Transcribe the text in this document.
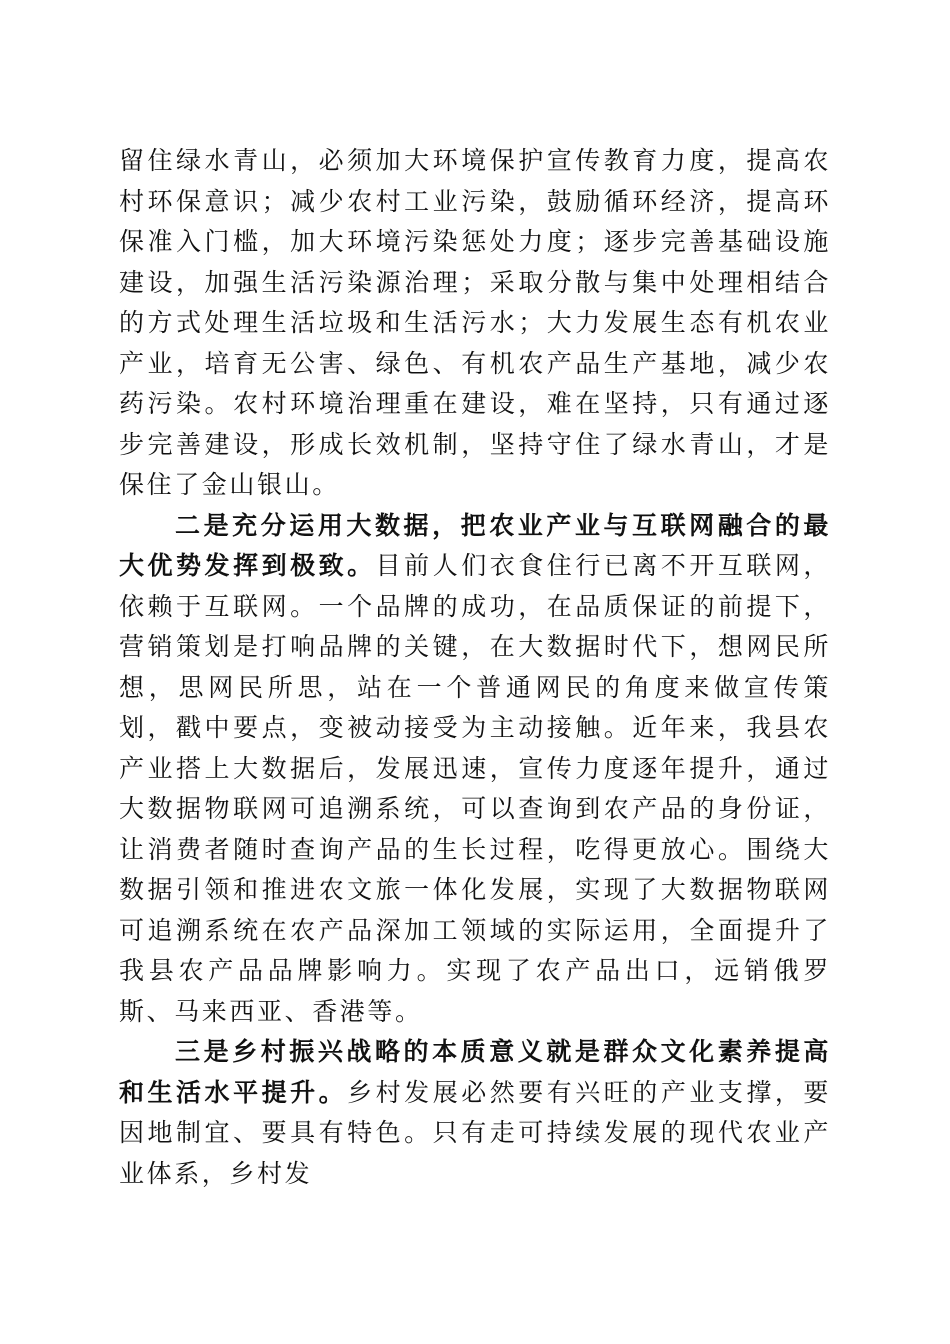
留住绿水青山，必须加大环境保护宣传教育力度，提高农村环保意识；减少农村工业污染，鼓励循环经济，提高环保准入门槛，加大环境污染惩处力度；逐步完善基础设施建设，加强生活污染源治理；采取分散与集中处理相结合的方式处理生活垃圾和生活污水；大力发展生态有机农业产业，培育无公害、绿色、有机农产品生产基地，减少农药污染。农村环境治理重在建设，难在坚持，只有通过逐步完善建设，形成长效机制，坚持守住了绿水青山，才是保住了金山银山。

二是充分运用大数据，把农业产业与互联网融合的最大优势发挥到极致。目前人们衣食住行已离不开互联网，依赖于互联网。一个品牌的成功，在品质保证的前提下，营销策划是打响品牌的关键，在大数据时代下，想网民所想，思网民所思，站在一个普通网民的角度来做宣传策划，戳中要点，变被动接受为主动接触。近年来，我县农产业搭上大数据后，发展迅速，宣传力度逐年提升，通过大数据物联网可追溯系统，可以查询到农产品的身份证，让消费者随时查询产品的生长过程，吃得更放心。围绕大数据引领和推进农文旅一体化发展，实现了大数据物联网可追溯系统在农产品深加工领域的实际运用，全面提升了我县农产品品牌影响力。实现了农产品出口，远销俄罗斯、马来西亚、香港等。

三是乡村振兴战略的本质意义就是群众文化素养提高和生活水平提升。乡村发展必然要有兴旺的产业支撑，要因地制宜、要具有特色。只有走可持续发展的现代农业产业体系，乡村发
